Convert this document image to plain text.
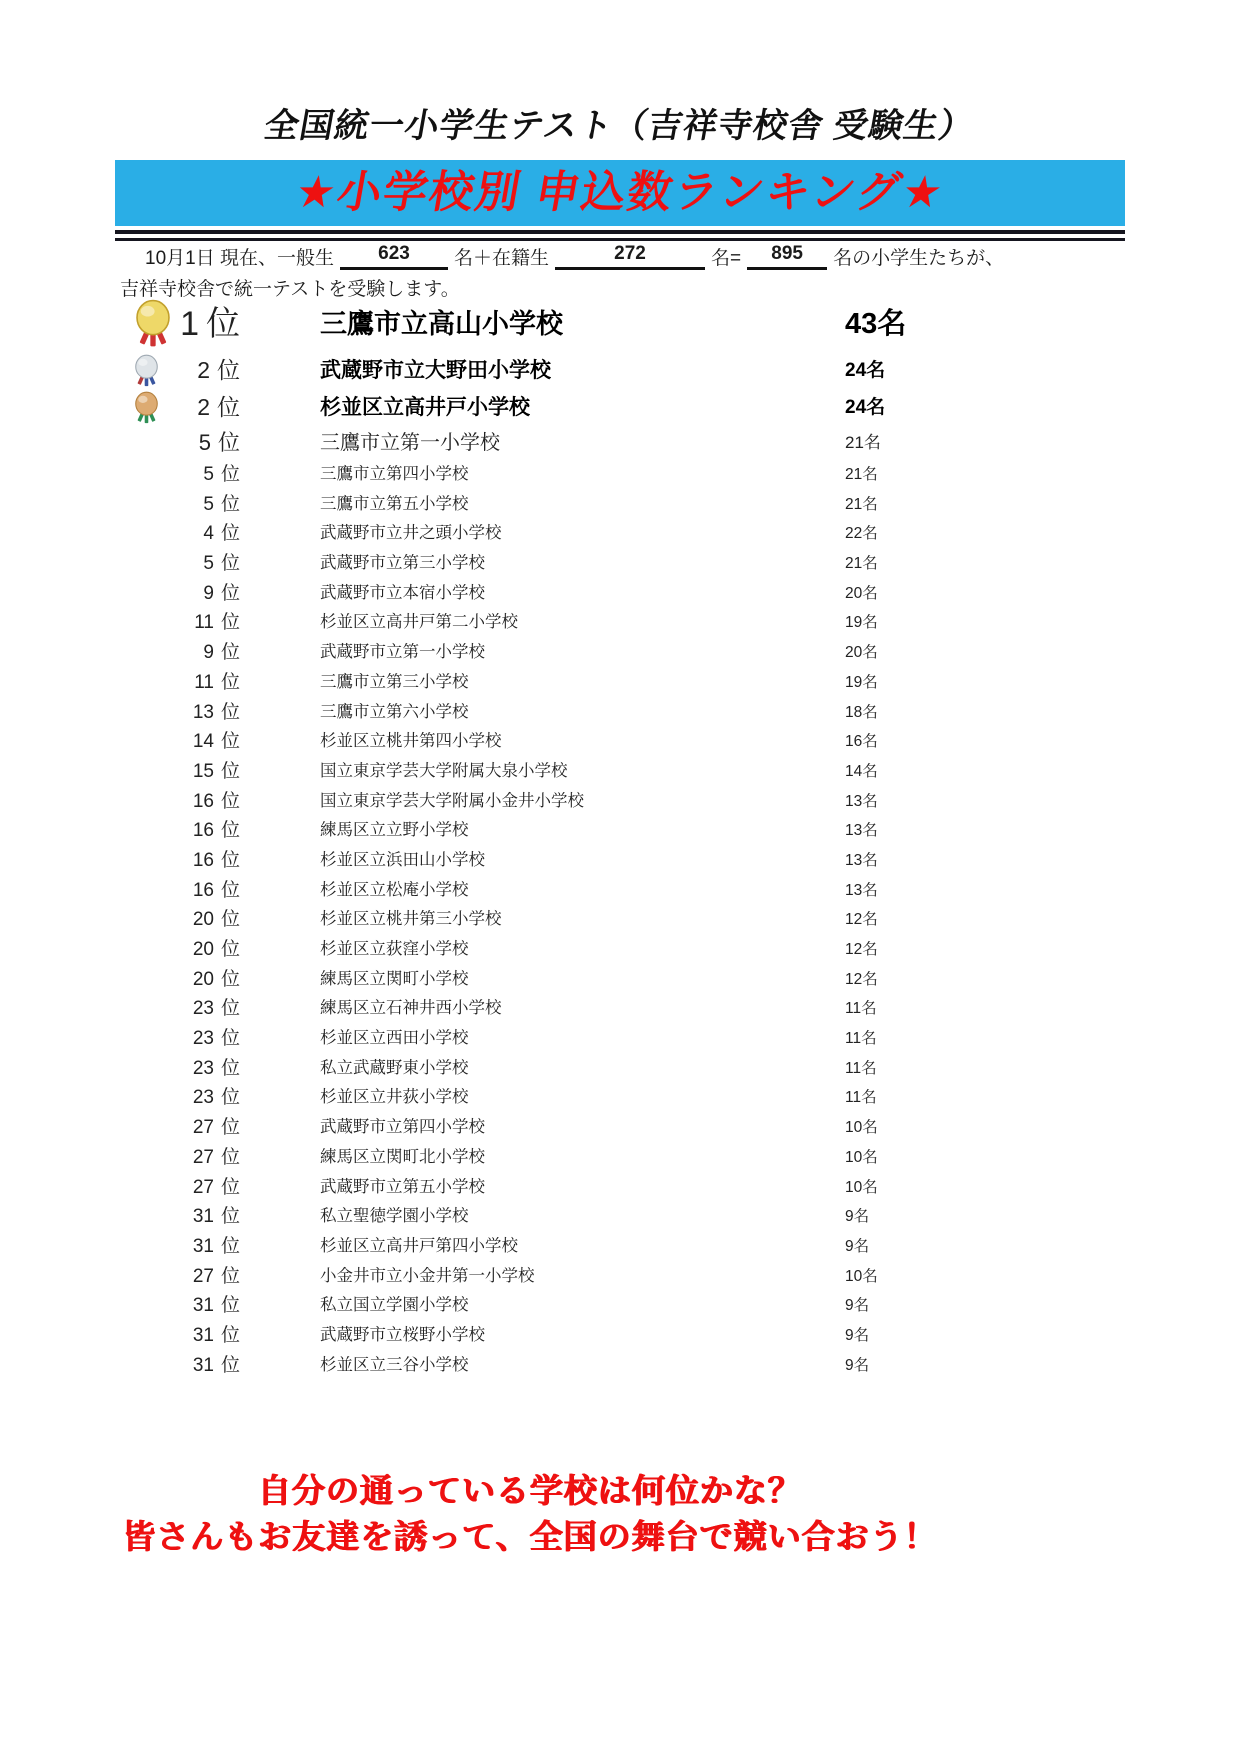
全国統一小学生テスト（吉祥寺校舎 受験生）
★小学校別 申込数ランキング★
10月1日 現在、一般生	623	名＋在籍生	272	名=	895	名の小学生たちが、
吉祥寺校舎で統一テストを受験します。
1 位	三鷹市立高山小学校	43名
2 位	武蔵野市立大野田小学校	24名
2 位	杉並区立高井戸小学校	24名
5 位	三鷹市立第一小学校	21名
5 位	三鷹市立第四小学校	21名
5 位	三鷹市立第五小学校	21名
4 位	武蔵野市立井之頭小学校	22名
5 位	武蔵野市立第三小学校	21名
9 位	武蔵野市立本宿小学校	20名
11 位	杉並区立高井戸第二小学校	19名
9 位	武蔵野市立第一小学校	20名
11 位	三鷹市立第三小学校	19名
13 位	三鷹市立第六小学校	18名
14 位	杉並区立桃井第四小学校	16名
15 位	国立東京学芸大学附属大泉小学校	14名
16 位	国立東京学芸大学附属小金井小学校	13名
16 位	練馬区立立野小学校	13名
16 位	杉並区立浜田山小学校	13名
16 位	杉並区立松庵小学校	13名
20 位	杉並区立桃井第三小学校	12名
20 位	杉並区立荻窪小学校	12名
20 位	練馬区立関町小学校	12名
23 位	練馬区立石神井西小学校	11名
23 位	杉並区立西田小学校	11名
23 位	私立武蔵野東小学校	11名
23 位	杉並区立井荻小学校	11名
27 位	武蔵野市立第四小学校	10名
27 位	練馬区立関町北小学校	10名
27 位	武蔵野市立第五小学校	10名
31 位	私立聖徳学園小学校	9名
31 位	杉並区立高井戸第四小学校	9名
27 位	小金井市立小金井第一小学校	10名
31 位	私立国立学園小学校	9名
31 位	武蔵野市立桜野小学校	9名
31 位	杉並区立三谷小学校	9名
自分の通っている学校は何位かな？
皆さんもお友達を誘って、全国の舞台で競い合おう！
